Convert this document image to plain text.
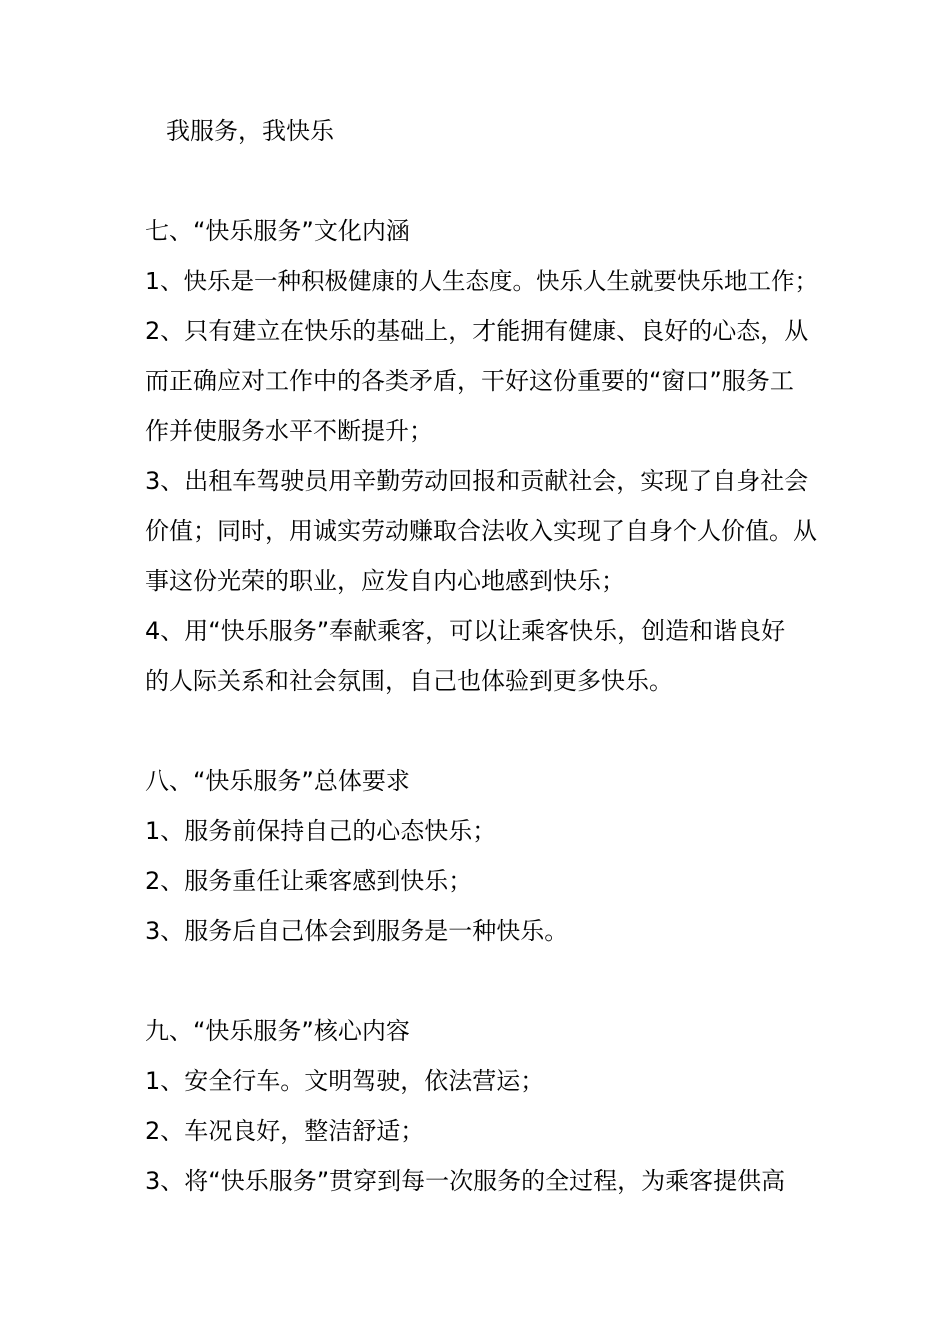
我服务，我快乐
七、“快乐服务”文化内涵
1、快乐是一种积极健康的人生态度。快乐人生就要快乐地工作；
2、只有建立在快乐的基础上，才能拥有健康、良好的心态，从
而正确应对工作中的各类矛盾，干好这份重要的“窗口”服务工
作并使服务水平不断提升；
3、出租车驾驶员用辛勤劳动回报和贡献社会，实现了自身社会
价值；同时，用诚实劳动赚取合法收入实现了自身个人价值。从
事这份光荣的职业，应发自内心地感到快乐；
4、用“快乐服务”奉献乘客，可以让乘客快乐，创造和谐良好
的人际关系和社会氛围，自己也体验到更多快乐。
八、“快乐服务”总体要求
1、服务前保持自己的心态快乐；
2、服务重任让乘客感到快乐；
3、服务后自己体会到服务是一种快乐。
九、“快乐服务”核心内容
1、安全行车。文明驾驶，依法营运；
2、车况良好，整洁舒适；
3、将“快乐服务”贯穿到每一次服务的全过程，为乘客提供高
